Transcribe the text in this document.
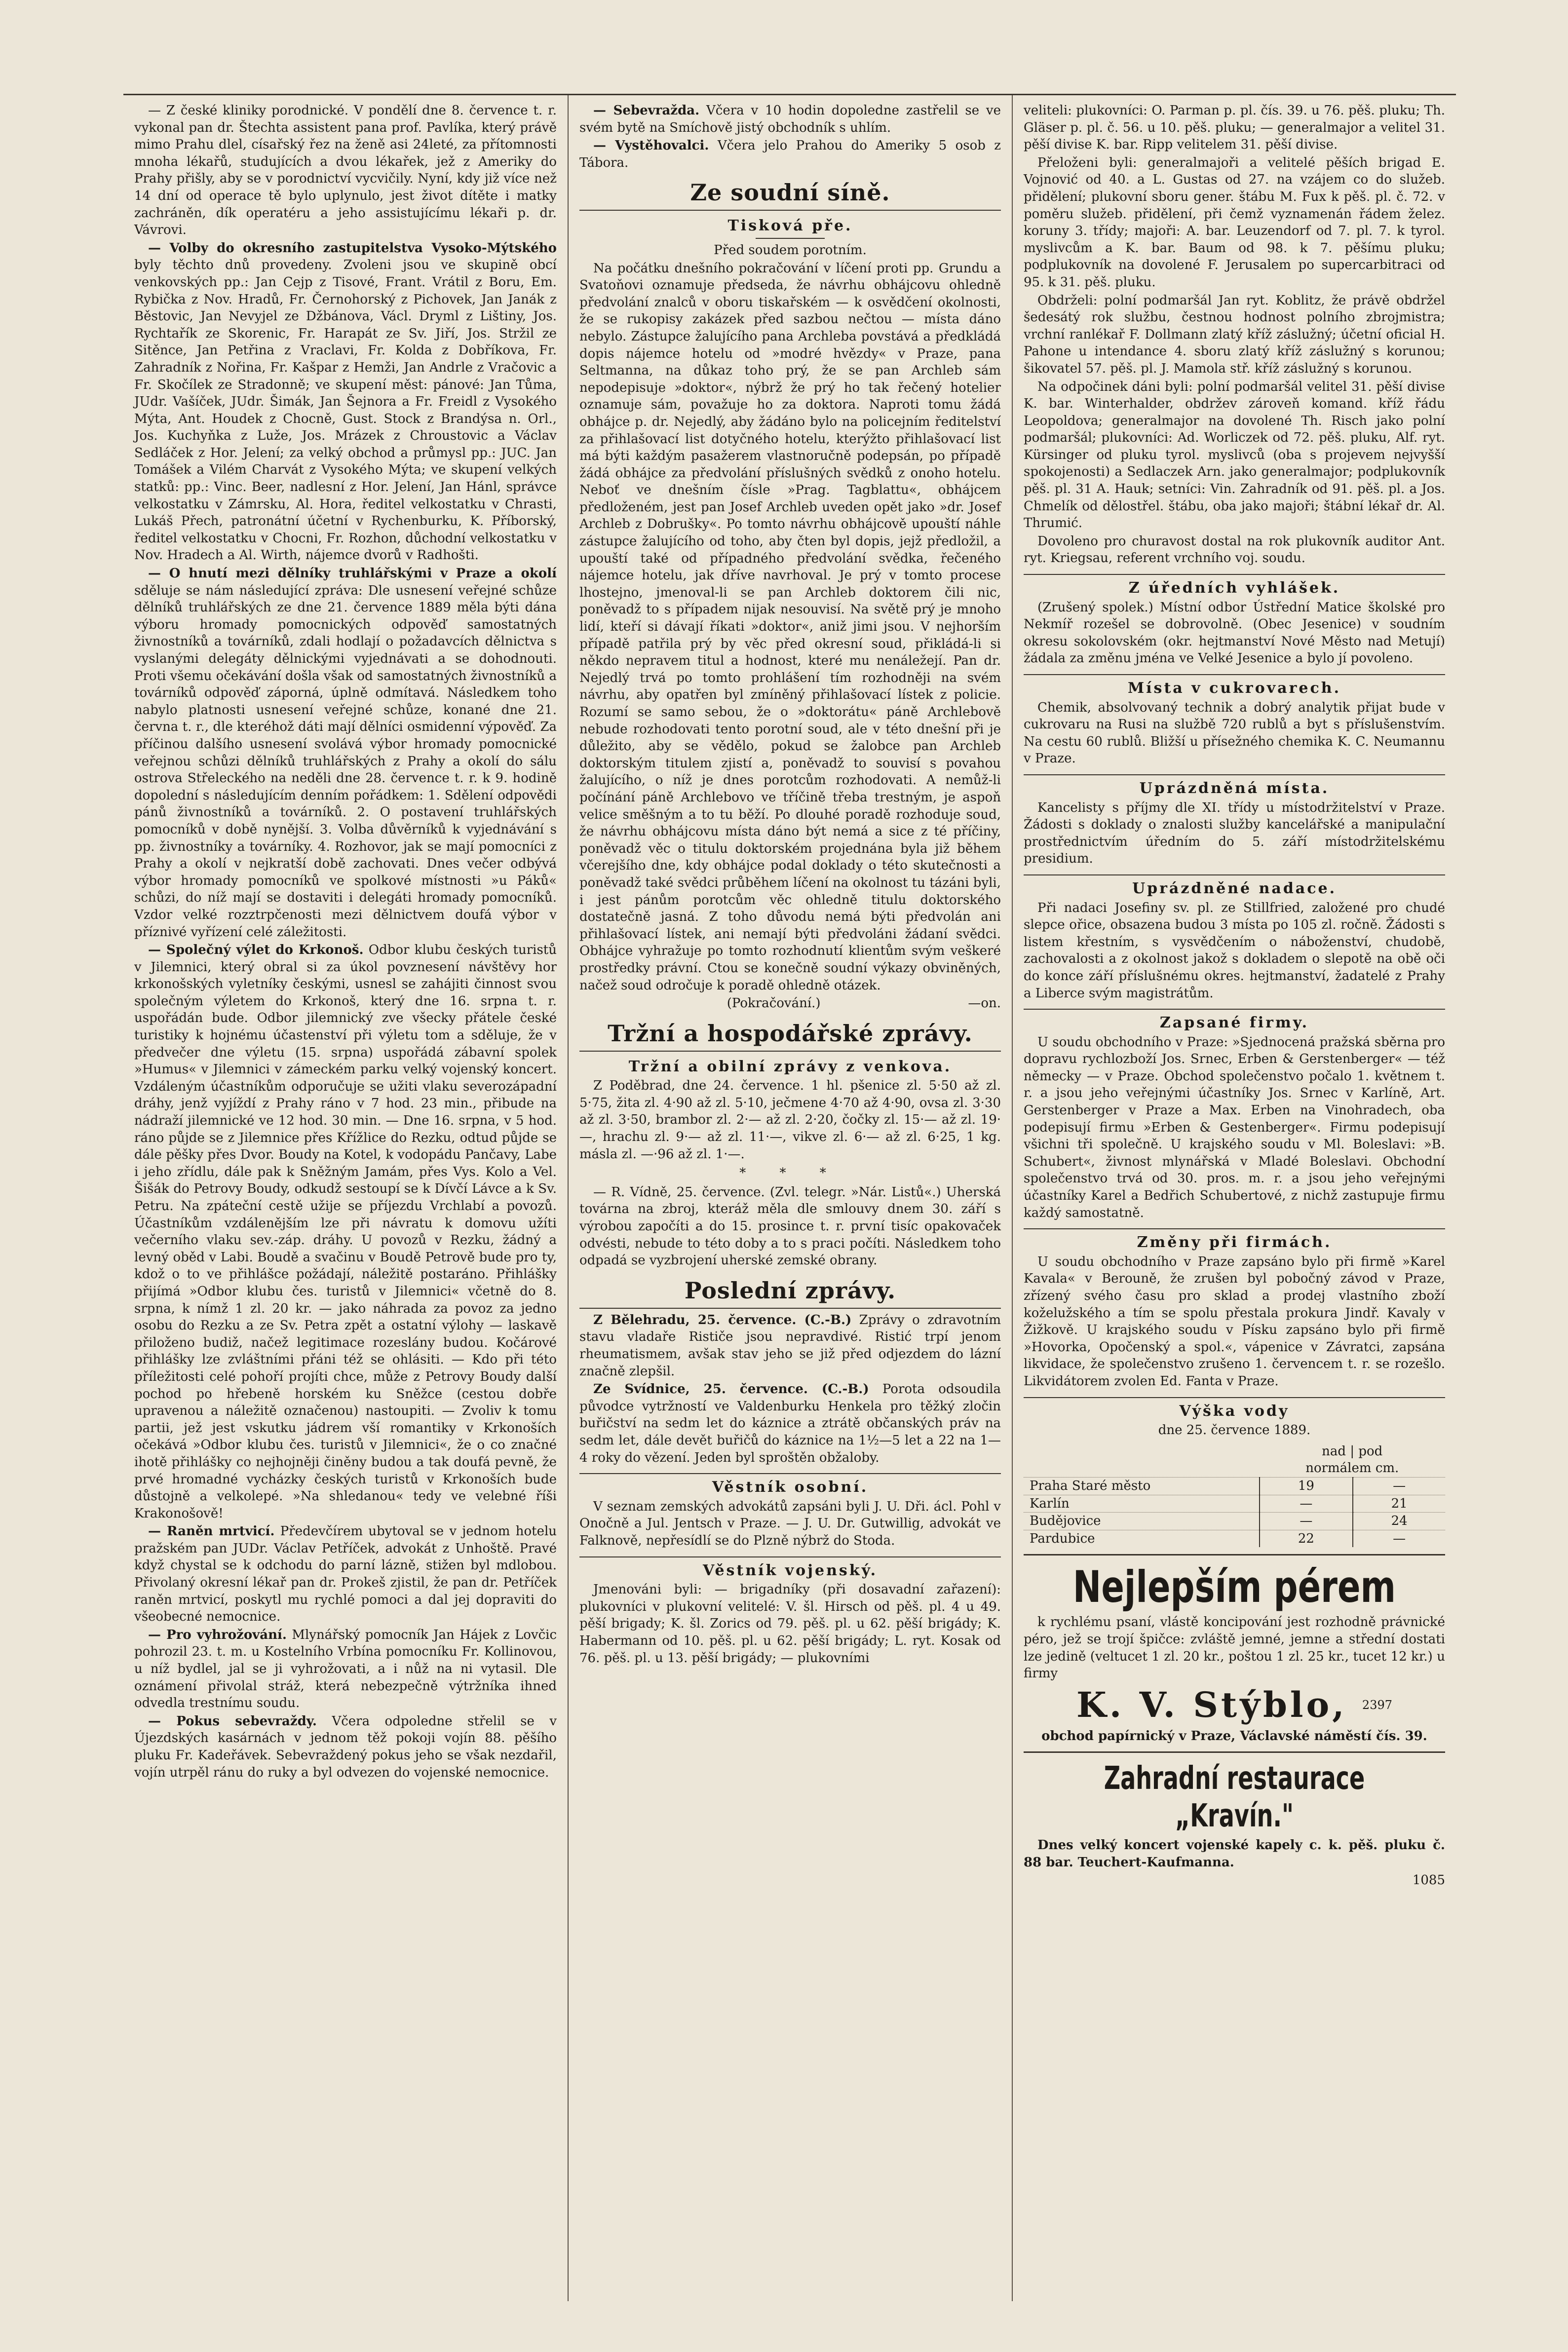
— Z české kliniky porodnické. V pondělí dne 8. července t. r. vykonal pan dr. Štechta assistent pana prof. Pavlíka, který právě mimo Prahu dlel, císařský řez na ženě asi 24leté, za přítomnosti mnoha lékařů, studujících a dvou lékařek, jež z Ameriky do Prahy přišly, aby se v porodnictví vycvičily. Nyní, kdy již více než 14 dní od operace tě bylo uplynulo, jest život dítěte i matky zachráněn, dík operatéru a jeho assistujícímu lékaři p. dr. Vávrovi.

— Volby do okresního zastupitelstva Vysoko-Mýtského byly těchto dnů provedeny. Zvoleni jsou ve skupině obcí venkovských pp.: Jan Cejp z Tisové, Frant. Vrátil z Boru, Em. Rybička z Nov. Hradů, Fr. Černohorský z Pichovek, Jan Janák z Běstovic, Jan Nevyjel ze Džbánova, Václ. Dryml z Lištiny, Jos. Rychtařík ze Skorenic, Fr. Harapát ze Sv. Jiří, Jos. Stržil ze Sitěnce, Jan Petřina z Vraclavi, Fr. Kolda z Dobříkova, Fr. Zahradník z Nořina, Fr. Kašpar z Hemži, Jan Andrle z Vračovic a Fr. Skočílek ze Stradonně; ve skupení měst: pánové: Jan Tůma, JUdr. Vašíček, JUdr. Šimák, Jan Šejnora a Fr. Freidl z Vysokého Mýta, Ant. Houdek z Chocně, Gust. Stock z Brandýsa n. Orl., Jos. Kuchyňka z Luže, Jos. Mrázek z Chroustovic a Václav Sedláček z Hor. Jelení; za velký obchod a průmysl pp.: JUC. Jan Tomášek a Vilém Charvát z Vysokého Mýta; ve skupení velkých statků: pp.: Vinc. Beer, nadlesní z Hor. Jelení, Jan Hánl, správce velkostatku v Zámrsku, Al. Hora, ředitel velkostatku v Chrasti, Lukáš Přech, patronátní účetní v Rychenburku, K. Příborský, ředitel velkostatku v Chocni, Fr. Rozhon, důchodní velkostatku v Nov. Hradech a Al. Wirth, nájemce dvorů v Radhošti.

— O hnutí mezi dělníky truhlářskými v Praze a okolí sděluje se nám následující zpráva: Dle usnesení veřejné schůze dělníků truhlářských ze dne 21. července 1889 měla býti dána výboru hromady pomocnických odpověď samostatných živnostníků a továrníků, zdali hodlají o požadavcích dělnictva s vyslanými delegáty dělnickými vyjednávati a se dohodnouti. Proti všemu očekávání došla však od samostatných živnostníků a továrníků odpověď záporná, úplně odmítavá. Následkem toho nabylo platnosti usnesení veřejné schůze, konané dne 21. června t. r., dle kteréhož dáti mají dělníci osmidenní výpověď. Za příčinou dalšího usnesení svolává výbor hromady pomocnické veřejnou schůzi dělníků truhlářských z Prahy a okolí do sálu ostrova Střeleckého na neděli dne 28. července t. r. k 9. hodině dopolední s následujícím denním pořádkem: 1. Sdělení odpovědi pánů živnostníků a továrníků. 2. O postavení truhlářských pomocníků v době nynější. 3. Volba důvěrníků k vyjednávání s pp. živnostníky a továrníky. 4. Rozhovor, jak se mají pomocníci z Prahy a okolí v nejkratší době zachovati. Dnes večer odbývá výbor hromady pomocníků ve spolkové místnosti »u Páků« schůzi, do níž mají se dostaviti i delegáti hromady pomocníků. Vzdor velké rozztrpčenosti mezi dělnictvem doufá výbor v příznivé vyřízení celé záležitosti.

— Společný výlet do Krkonoš. Odbor klubu českých turistů v Jilemnici, který obral si za úkol povznesení návštěvy hor krkonošských vyletníky českými, usnesl se zahájiti činnost svou společným výletem do Krkonoš, který dne 16. srpna t. r. uspořádán bude. Odbor jilemnický zve všecky přátele české turistiky k hojnému účastenství při výletu tom a sděluje, že v předvečer dne výletu (15. srpna) uspořádá zábavní spolek »Humus« v Jilemnici v zámeckém parku velký vojenský koncert. Vzdáleným účastníkům odporučuje se užiti vlaku severozápadní dráhy, jenž vyjíždí z Prahy ráno v 7 hod. 23 min., přibude na nádraží jilemnické ve 12 hod. 30 min. — Dne 16. srpna, v 5 hod. ráno půjde se z Jilemnice přes Křížlice do Rezku, odtud půjde se dále pěšky přes Dvor. Boudy na Kotel, k vodopádu Pančavy, Labe i jeho zřídlu, dále pak k Sněžným Jamám, přes Vys. Kolo a Vel. Šišák do Petrovy Boudy, odkudž sestoupí se k Dívčí Lávce a k Sv. Petru. Na zpáteční cestě užije se příjezdu Vrchlabí a povozů. Účastníkům vzdálenějším lze při návratu k domovu užíti večerního vlaku sev.-záp. dráhy. U povozů v Rezku, žádný a levný oběd v Labi. Boudě a svačinu v Boudě Petrově bude pro ty, kdož o to ve přihlášce požádají, náležitě postaráno. Přihlášky přijímá »Odbor klubu čes. turistů v Jilemnici« včetně do 8. srpna, k nímž 1 zl. 20 kr. — jako náhrada za povoz za jedno osobu do Rezku a ze Sv. Petra zpět a ostatní výlohy — laskavě přiloženo budiž, načež legitimace rozeslány budou. Kočárové přihlášky lze zvláštními přáni též se ohlásiti. — Kdo při této příležitosti celé pohoří projíti chce, může z Petrovy Boudy další pochod po hřebeně horském ku Sněžce (cestou dobře upravenou a náležitě označenou) nastoupiti. — Zvoliv k tomu partii, jež jest vskutku jádrem vší romantiky v Krkonoších očekává »Odbor klubu čes. turistů v Jilemnici«, že o co značné ihotě přihlášky co nejhojněji činěny budou a tak doufá pevně, že prvé hromadné vycházky českých turistů v Krkonoších bude důstojně a velkolepé. »Na shledanou« tedy ve velebné říši Krakonošově!

— Raněn mrtvicí. Předevčírem ubytoval se v jednom hotelu pražském pan JUDr. Václav Petříček, advokát z Unhoště. Pravé když chystal se k odchodu do parní lázně, stižen byl mdlobou. Přivolaný okresní lékař pan dr. Prokeš zjistil, že pan dr. Petříček raněn mrtvicí, poskytl mu rychlé pomoci a dal jej dopraviti do všeobecné nemocnice.

— Pro vyhrožování. Mlynářský pomocník Jan Hájek z Lovčic pohrozil 23. t. m. u Kostelního Vrbína pomocníku Fr. Kollinovou, u níž bydlel, jal se ji vyhrožovati, a i nůž na ni vytasil. Dle oznámení přivolal stráž, která nebezpečně výtržníka ihned odvedla trestnímu soudu.

— Pokus sebevraždy. Včera odpoledne střelil se v Újezdských kasárnách v jednom těž pokoji vojín 88. pěšího pluku Fr. Kadeřávek. Sebevraždený pokus jeho se však nezdařil, vojín utrpěl ránu do ruky a byl odvezen do vojenské nemocnice.

— Sebevražda. Včera v 10 hodin dopoledne zastřelil se ve svém bytě na Smíchově jistý obchodník s uhlím.

— Vystěhovalci. Včera jelo Prahou do Ameriky 5 osob z Tábora.

Ze soudní síně.
Tisková pře.

Před soudem porotním.

Na počátku dnešního pokračování v líčení proti pp. Grundu a Svatoňovi oznamuje předseda, že návrhu obhájcovu ohledně předvolání znalců v oboru tiskařském — k osvědčení okolnosti, že se rukopisy zakázek před sazbou nečtou — místa dáno nebylo. Zástupce žalujícího pana Archleba povstává a předkládá dopis nájemce hotelu od »modré hvězdy« v Praze, pana Seltmanna, na důkaz toho prý, že se pan Archleb sám nepodepisuje »doktor«, nýbrž že prý ho tak řečený hotelier oznamuje sám, považuje ho za doktora. Naproti tomu žádá obhájce p. dr. Nejedlý, aby žádáno bylo na policejním ředitelství za přihlašovací list dotyčného hotelu, kterýžto přihlašovací list má býti každým pasažerem vlastnoručně podepsán, po případě žádá obhájce za předvolání příslušných svědků z onoho hotelu. Neboť ve dnešním čísle »Prag. Tagblattu«, obhájcem předloženém, jest pan Josef Archleb uveden opět jako »dr. Josef Archleb z Dobrušky«. Po tomto návrhu obhájcově upouští náhle zástupce žalujícího od toho, aby čten byl dopis, jejž předložil, a upouští také od případného předvolání svědka, řečeného nájemce hotelu, jak dříve navrhoval. Je prý v tomto procese lhostejno, jmenoval-li se pan Archleb doktorem čili nic, poněvadž to s případem nijak nesouvisí. Na světě prý je mnoho lidí, kteří si dávají říkati »doktor«, aniž jimi jsou. V nejhorším případě patřila prý by věc před okresní soud, přikládá-li si někdo nepravem titul a hodnost, které mu nenáležejí. Pan dr. Nejedlý trvá po tomto prohlášení tím rozhodněji na svém návrhu, aby opatřen byl zmíněný přihlašovací lístek z policie. Rozumí se samo sebou, že o »doktorátu« páně Archlebově nebude rozhodovati tento porotní soud, ale v této dnešní při je důležito, aby se vědělo, pokud se žalobce pan Archleb doktorským titulem zjistí a, poněvadž to souvisí s povahou žalujícího, o níž je dnes porotcům rozhodovati. A nemůž-li počínání páně Archlebovo ve tříčině třeba trestným, je aspoň velice směšným a to tu běží. Po dlouhé poradě rozhoduje soud, že návrhu obhájcovu místa dáno být nemá a sice z té příčiny, poněvadž věc o titulu doktorském projednána byla již během včerejšího dne, kdy obhájce podal doklady o této skutečnosti a poněvadž také svědci průběhem líčení na okolnost tu tázáni byli, i jest pánům porotcům věc ohledně titulu doktorského dostatečně jasná. Z toho důvodu nemá býti předvolán ani přihlašovací lístek, ani nemají býti předvoláni žádaní svědci. Obhájce vyhražuje po tomto rozhodnutí klientům svým veškeré prostředky právní. Ctou se konečně soudní výkazy obviněných, načež soud odročuje k poradě ohledně otázek.

(Pokračování.)	—on.

Tržní a hospodářské zprávy.
Tržní a obilní zprávy z venkova.

Z Poděbrad, dne 24. července. 1 hl. pšenice zl. 5·50 až zl. 5·75, žita zl. 4·90 až zl. 5·10, ječmene 4·70 až 4·90, ovsa zl. 3·30 až zl. 3·50, brambor zl. 2·— až zl. 2·20, čočky zl. 15·— až zl. 19·—, hrachu zl. 9·— až zl. 11·—, vikve zl. 6·— až zl. 6·25, 1 kg. másla zl. —·96 až zl. 1·—.

* * *

— R. Vídně, 25. července. (Zvl. telegr. »Nár. Listů«.) Uherská továrna na zbroj, kteráž měla dle smlouvy dnem 30. září s výrobou započíti a do 15. prosince t. r. první tisíc opakovaček odvésti, nebude to této doby a to s praci počíti. Následkem toho odpadá se vyzbrojení uherské zemské obrany.

Poslední zprávy.

Z Bělehradu, 25. července. (C.-B.) Zprávy o zdravotním stavu vladaře Rističe jsou nepravdivé. Ristić trpí jenom rheumatismem, avšak stav jeho se již před odjezdem do lázní značně zlepšil.

Ze Svídnice, 25. července. (C.-B.) Porota odsoudila původce vytržností ve Valdenburku Henkela pro těžký zločin buřičství na sedm let do káznice a ztrátě občanských práv na sedm let, dále devět buřičů do káznice na 1½—5 let a 22 na 1—4 roky do vězení. Jeden byl sproštěn obžaloby.

Věstník osobní.

V seznam zemských advokátů zapsáni byli J. U. Dři. ácl. Pohl v Onočně a Jul. Jentsch v Praze. — J. U. Dr. Gutwillig, advokát ve Falknově, nepřesídlí se do Plzně nýbrž do Stoda.

Věstník vojenský.

Jmenováni byli: — brigadníky (při dosavadní zařazení): plukovníci v plukovní velitelé: V. šl. Hirsch od pěš. pl. 4 u 49. pěší brigady; K. šl. Zorics od 79. pěš. pl. u 62. pěší brigády; K. Habermann od 10. pěš. pl. u 62. pěší brigády; L. ryt. Kosak od 76. pěš. pl. u 13. pěší brigády; — plukovními

veliteli: plukovníci: O. Parman p. pl. čís. 39. u 76. pěš. pluku; Th. Gläser p. pl. č. 56. u 10. pěš. pluku; — generalmajor a velitel 31. pěší divise K. bar. Ripp velitelem 31. pěší divise.

Přeloženi byli: generalmajoři a velitelé pěších brigad E. Vojnović od 40. a L. Gustas od 27. na vzájem co do služeb. přidělení; plukovní sboru gener. štábu M. Fux k pěš. pl. č. 72. v poměru služeb. přidělení, při čemž vyznamenán řádem želez. koruny 3. třídy; majoři: A. bar. Leuzendorf od 7. pl. 7. k tyrol. myslivcům a K. bar. Baum od 98. k 7. pěšímu pluku; podplukovník na dovolené F. Jerusalem po supercarbitraci od 95. k 31. pěš. pluku.

Obdrželi: polní podmaršál Jan ryt. Koblitz, že právě obdržel šedesátý rok službu, čestnou hodnost polního zbrojmistra; vrchní ranlékař F. Dollmann zlatý kříž záslužný; účetní oficial H. Pahone u intendance 4. sboru zlatý kříž záslužný s korunou; šikovatel 57. pěš. pl. J. Mamola stř. kříž záslužný s korunou.

Na odpočinek dáni byli: polní podmaršál velitel 31. pěší divise K. bar. Winterhalder, obdržev zároveň komand. kříž řádu Leopoldova; generalmajor na dovolené Th. Risch jako polní podmaršál; plukovníci: Ad. Worliczek od 72. pěš. pluku, Alf. ryt. Kürsinger od pluku tyrol. myslivců (oba s projevem nejvyšší spokojenosti) a Sedlaczek Arn. jako generalmajor; podplukovník pěš. pl. 31 A. Hauk; setníci: Vin. Zahradník od 91. pěš. pl. a Jos. Chmelík od dělostřel. štábu, oba jako majoři; štábní lékař dr. Al. Thrumić.

Dovoleno pro churavost dostal na rok plukovník auditor Ant. ryt. Kriegsau, referent vrchního voj. soudu.

Z úředních vyhlášek.

(Zrušený spolek.) Místní odbor Ústřední Matice školské pro Nekmíř rozešel se dobrovolně. (Obec Jesenice) v soudním okresu sokolovském (okr. hejtmanství Nové Město nad Metují) žádala za změnu jména ve Velké Jesenice a bylo jí povoleno.

Místa v cukrovarech.

Chemik, absolvovaný technik a dobrý analytik přijat bude v cukrovaru na Rusi na službě 720 rublů a byt s příslušenstvím. Na cestu 60 rublů. Bližší u přísežného chemika K. C. Neumannu v Praze.

Uprázdněná místa.

Kancelisty s příjmy dle XI. třídy u místodržitelství v Praze. Žádosti s doklady o znalosti služby kancelářské a manipulační prostřednictvím úředním do 5. září místodržitelskému presidium.

Uprázdněné nadace.

Při nadaci Josefiny sv. pl. ze Stillfried, založené pro chudé slepce ořice, obsazena budou 3 místa po 105 zl. ročně. Žádosti s listem křestním, s vysvědčením o náboženství, chudobě, zachovalosti a z okolnost jakož s dokladem o slepotě na obě oči do konce září příslušnému okres. hejtmanství, žadatelé z Prahy a Liberce svým magistrátům.

Zapsané firmy.

U soudu obchodního v Praze: »Sjednocená pražská sběrna pro dopravu rychlozboží Jos. Srnec, Erben & Gerstenberger« — též německy — v Praze. Obchod společenstvo počalo 1. květnem t. r. a jsou jeho veřejnými účastníky Jos. Srnec v Karlíně, Art. Gerstenberger v Praze a Max. Erben na Vinohradech, oba podepisují firmu »Erben & Gestenberger«. Firmu podepisují všichni tři společně. U krajského soudu v Ml. Boleslavi: »B. Schubert«, živnost mlynářská v Mladé Boleslavi. Obchodní společenstvo trvá od 30. pros. m. r. a jsou jeho veřejnými účastníky Karel a Bedřich Schubertové, z nichž zastupuje firmu každý samostatně.

Změny při firmách.

U soudu obchodního v Praze zapsáno bylo při firmě »Karel Kavala« v Berouně, že zrušen byl pobočný závod v Praze, zřízený svého času pro sklad a prodej vlastního zboží koželužského a tím se spolu přestala prokura Jindř. Kavaly v Žižkově. U krajského soudu v Písku zapsáno bylo při firmě »Hovorka, Opočenský a spol.«, vápenice v Závratci, zapsána likvidace, že společenstvo zrušeno 1. červencem t. r. se rozešlo. Likvidátorem zvolen Ed. Fanta v Praze.

Výška vody

dne 25. července 1889.

	nad | pod	
	normálem cm.	
Praha Staré město	19	—
Karlín	—	21
Budějovice	—	24
Pardubice	22	—
Nejlepším pérem

k rychlému psaní, vlástě koncipování jest rozhodně právnické péro, jež se trojí špičce: zvláště jemné, jemne a střední dostati lze jedině (veltucet 1 zl. 20 kr., poštou 1 zl. 25 kr., tucet 12 kr.) u firmy

K. V. Stýblo, $^{2397}$

obchod papírnický v Praze, Václavské náměstí čís. 39.

Zahradní restaurace „Kravín."

Dnes velký koncert vojenské kapely c. k. pěš. pluku č. 88 bar. Teuchert-Kaufmanna.

1085
